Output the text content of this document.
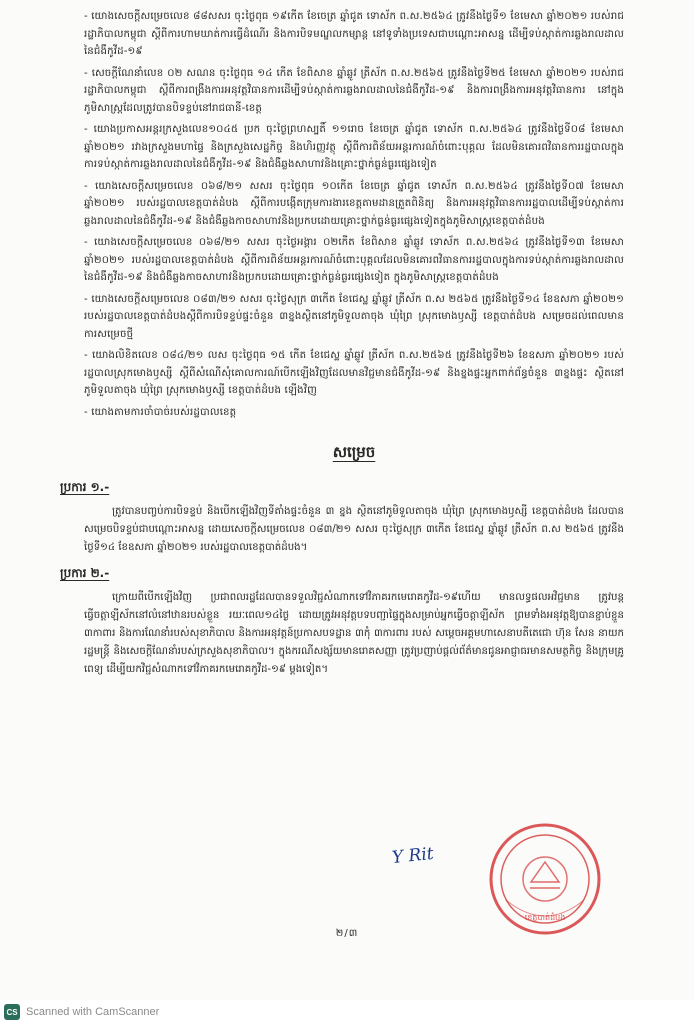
- យោងសេចក្តីសម្រេចលេខ ៨៨សសរ ចុះថ្ងៃពុធ ១៩កើត ខែចេត្រ ឆ្នាំជូត ទោស័ក ព.ស.២៥៦៤ ត្រូវនឹងថ្ងៃទី១ ខែមេសា ឆ្នាំ២០២១ របស់រាជរដ្ឋាភិបាលកម្ពុជា ស្តីពីការហាមឃាត់ការធ្វើដំណើរ និងការបិទមណ្ឌលកម្សាន្ត នៅទូទាំងប្រទេសជាបណ្ដោះអាសន្ន ដើម្បីទប់ស្កាត់ការឆ្លងរាលដាលនៃជំងឺកូវីដ-១៩
- សេចក្តីណែនាំលេខ ០២ សណន ចុះថ្ងៃពុធ ១៤ កើត ខែពិសាខ ឆ្នាំឆ្លូវ ត្រីស័ក ព.ស.២៥៦៥ ត្រូវនឹងថ្ងៃទី២៥ ខែមេសា ឆ្នាំ២០២១ របស់រាជរដ្ឋាភិបាលកម្ពុជា ស្តីពីការពង្រឹងការអនុវត្តវិធានការដើម្បីទប់ស្កាត់ការឆ្លងរាលដាលនៃជំងឺកូវីដ-១៩ និងការពង្រឹងការអនុវត្តវិធានការ នៅក្នុងភូមិសាស្ត្រដែលត្រូវបានបិទខ្ទប់នៅរាជធានី-ខេត្ត
- យោងប្រកាសអន្តរក្រសួងលេខ១០៤៥ ប្រក ចុះថ្ងៃព្រហស្បតិ៍ ១១រោច ខែចេត្រ ឆ្នាំជូត ទោស័ក ព.ស.២៥៦៤ ត្រូវនឹងថ្ងៃទី០៨ ខែមេសា ឆ្នាំ២០២១ រវាងក្រសួងមហាផ្ទៃ និងក្រសួងសេដ្ឋកិច្ច និងហិរញ្ញវត្ថុ ស្តីពីការពិន័យអន្តរការណ៍ចំពោះបុគ្គល ដែលមិនគោរពវិធានការរដ្ឋបាលក្នុងការទប់ស្កាត់ការឆ្លងរាលដាលនៃជំងឺកូវីដ-១៩ និងជំងឺឆ្លងសាហាវនិងគ្រោះថ្នាក់ធ្ងន់ធ្ងរផ្សេងទៀត
- យោងសេចក្តីសម្រេចលេខ ០៦៨/២១ សសរ ចុះថ្ងៃពុធ ១០កើត ខែចេត្រ ឆ្នាំជូត ទោស័ក ព.ស.២៥៦៤ ត្រូវនឹងថ្ងៃទី០៧ ខែមេសា ឆ្នាំ២០២១ របស់រដ្ឋបាលខេត្តបាត់ដំបង ស្តីពីការបង្កើតក្រុមការងារខេត្តតាមដានត្រួតពិនិត្យ និងការអនុវត្តវិធានការរដ្ឋបាលដើម្បីទប់ស្កាត់ការឆ្លងរាលដាលនៃជំងឺកូវីដ-១៩ និងជំងឺឆ្លងកាចសាហាវនិងប្រកបដោយគ្រោះថ្នាក់ធ្ងន់ធ្ងរផ្សេងទៀតក្នុងភូមិសាស្ត្រខេត្តបាត់ដំបង
- យោងសេចក្តីសម្រេចលេខ ០៦៨/២១ សសរ ចុះថ្ងៃអង្គារ ០២កើត ខែពិសាខ ឆ្នាំឆ្លូវ ទោស័ក ព.ស.២៥៦៤ ត្រូវនឹងថ្ងៃទី១៣ ខែមេសា ឆ្នាំ២០២១ របស់រដ្ឋបាលខេត្តបាត់ដំបង ស្តីពីការពិន័យអន្តរការណ៍ចំពោះបុគ្គលដែលមិនគោរពវិធានការរដ្ឋបាលក្នុងការទប់ស្កាត់ការឆ្លងរាលដាលនៃជំងឺកូវីដ-១៩ និងជំងឺឆ្លងកាចសាហាវនិងប្រកបដោយគ្រោះថ្នាក់ធ្ងន់ធ្ងរផ្សេងទៀត ក្នុងភូមិសាស្ត្រខេត្តបាត់ដំបង
- យោងសេចក្តីសម្រេចលេខ ០៨៣/២១ សសរ ចុះថ្ងៃសុក្រ ៣កើត ខែជេស្ឋ ឆ្នាំឆ្លូវ ត្រីស័ក ព.ស ២៥៦៥ ត្រូវនឹងថ្ងៃទី១៤ ខែឧសភា ឆ្នាំ២០២១ របស់រដ្ឋបាលខេត្តបាត់ដំបងស្តីពីការបិទខ្ទប់ផ្ទះចំនួន ៣ខ្នងស្ថិតនៅភូមិទួលតាចុង ឃុំព្រៃ ស្រុកមោងឫស្សី ខេត្តបាត់ដំបង សម្រេចដល់ពេលមានការសម្រេចថ្មី
- យោងលិខិតលេខ ០៨៤/២១ លស ចុះថ្ងៃពុធ ១៥ កើត ខែជេស្ឋ ឆ្នាំឆ្លូវ ត្រីស័ក ព.ស.២៥៦៥ ត្រូវនឹងថ្ងៃទី២៦ ខែឧសភា ឆ្នាំ២០២១ របស់រដ្ឋបាលស្រុកមោងឫស្សី ស្តីពីសំណើសុំគោលការណ៍បើកឡើងវិញដែលមានវិជ្ជមានជំងឺកូវីដ-១៩ និងខ្នងផ្ទះអ្នកពាក់ព័ន្ធចំនួន ៣ខ្នងផ្ទះ ស្ថិតនៅភូមិទួលតាចុង ឃុំព្រៃ ស្រុកមោងឫស្សី ខេត្តបាត់ដំបង ឡើងវិញ
- យោងតាមការចាំបាច់របស់រដ្ឋបាលខេត្ត
សម្រេច
ប្រការ ១.-
ត្រូវបានបញ្ចប់ការបិទខ្ទប់ និងបើកឡើងវិញទីតាំងផ្ទះចំនួន ៣ ខ្នង ស្ថិតនៅភូមិទួលតាចុង ឃុំព្រៃ ស្រុកមោងឫស្សី ខេត្តបាត់ដំបង ដែលបានសម្រេចបិទខ្ទប់ជាបណ្ដោះអាសន្ន ដោយសេចក្តីសម្រេចលេខ ០៨៣/២១ សសរ ចុះថ្ងៃសុក្រ ៣កើត ខែជេស្ឋ ឆ្នាំឆ្លូវ ត្រីស័ក ព.ស ២៥៦៥ ត្រូវនឹងថ្ងៃទី១៤ ខែឧសភា ឆ្នាំ២០២១ របស់រដ្ឋបាលខេត្តបាត់ដំបង។
ប្រការ ២.-
ក្រោយពីបើកឡើងវិញ ប្រជាពលរដ្ឋដែលបានទទួលវិជ្ជសំណាកទៅវិភាគរកមេរោគកូវីដ-១៩ហើយ មានលទ្ធផលអវិជ្ជមាន ត្រូវបន្តធ្វើចត្តាឡីស័កនៅលំនៅឋានរបស់ខ្លួន រយៈពេល១៤ថ្ងៃ ដោយត្រូវអនុវត្តបទបញ្ជាផ្ទៃក្នុងសម្រាប់អ្នកធ្វើចត្តាឡីស័ក ព្រមទាំងអនុវត្តឱ្យបានខ្ជាប់ខ្ជួន ៣កាពារ និងការណែនាំរបស់សុខាភិបាល និងការអនុវត្តន៍ប្រកាសបទដ្ឋាន ៣កុំ ៣ការពារ របស់ សម្តេចអគ្គមហាសេនាបតីតេជោ ហ៊ុន សែន នាយករដ្ឋមន្ត្រី និងសេចក្តីណែនាំរបស់ក្រសួងសុខាភិបាល។ ក្នុងករណីសង្ស័យមានរោគសញ្ញា ត្រូវប្រញាប់ផ្តល់ព័ត៌មានជូនអាជ្ញាធរមានសមត្ថកិច្ច និងក្រុមគ្រូពេទ្យ ដើម្បីយកវិជ្ជសំណាកទៅវិភាគរកមេរោគកូវីដ-១៩ ម្តងទៀត។
Y Rit
ខេត្តបាត់ដំបង
២/៣
CS Scanned with CamScanner
